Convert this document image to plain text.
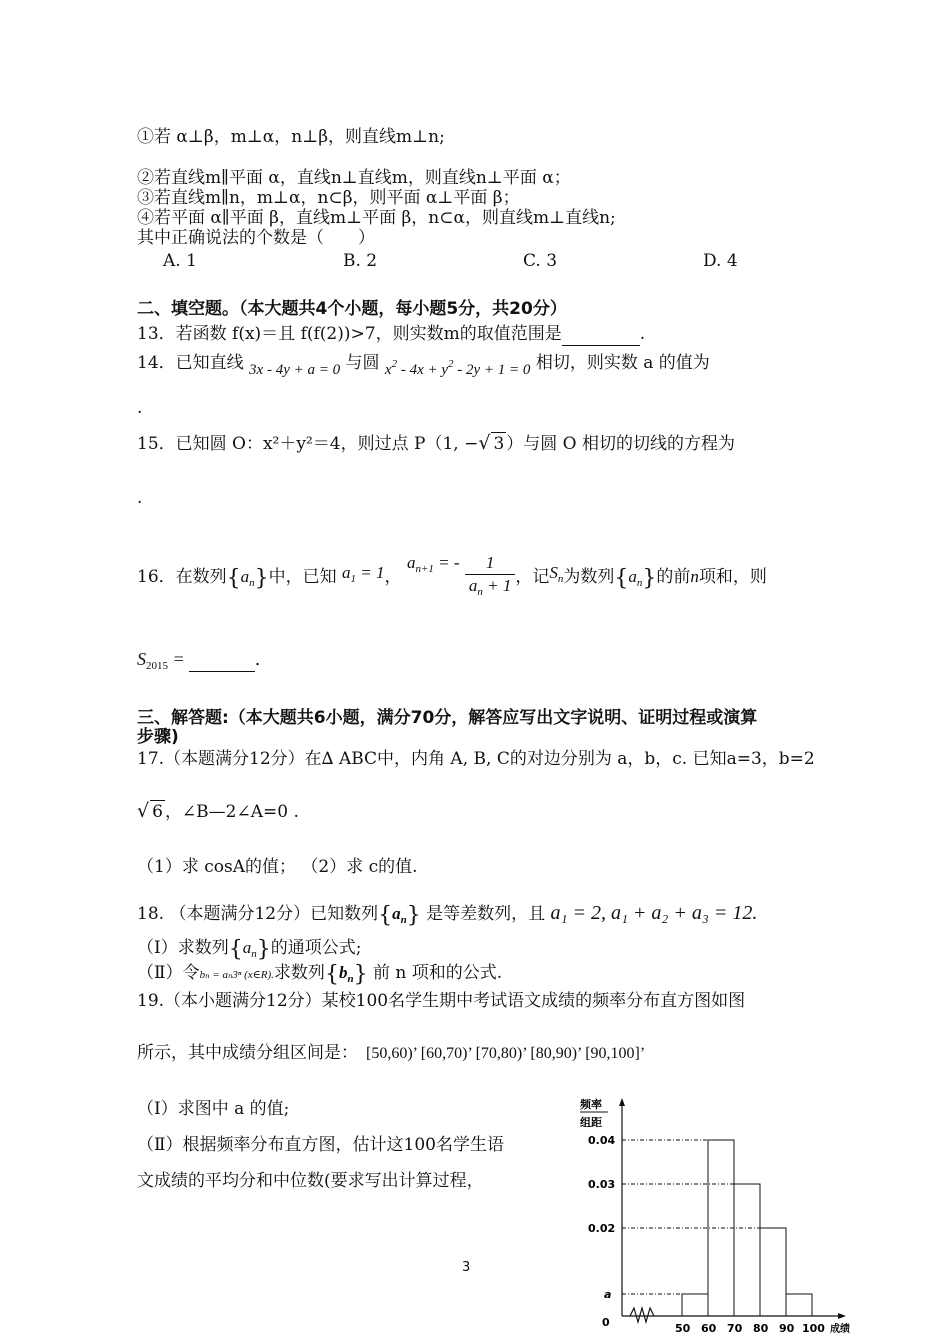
①若 α⊥β，m⊥α，n⊥β，则直线m⊥n;
②若直线m∥平面 α，直线n⊥直线m，则直线n⊥平面 α；
③若直线m∥n，m⊥α，n⊂β，则平面 α⊥平面 β；
④若平面 α∥平面 β，直线m⊥平面 β，n⊂α，则直线m⊥直线n;
其中正确说法的个数是（　　）
A. 1	B. 2	C. 3	D. 4
二、填空题。（本大题共4个小题，每小题5分，共20分）
13．若函数 f(x)＝且 f(f(2))>7，则实数m的取值范围是	.
14．已知直线 3x - 4y + a = 0 与圆 $x^2 - 4x + y^2 - 2y + 1 = 0$ 相切，则实数 a 的值为
.
15．已知圆 O：x²＋y²＝4，则过点 P（1, −√ 3 ）与圆 O 相切的切线的方程为
.
16．在数列$\{a_n\}$中，已知 $a_1 = 1$， $a_{n+1}$ = - $\frac{1}{a_n + 1}$ ，记$S_n$为数列$\{a_n\}$的前n项和，则
$S_{2015}$ =	.
三、解答题:（本大题共6小题，满分70分，解答应写出文字说明、证明过程或演算
步骤)
17.（本题满分12分）在∆ ABC中，内角 A, B, C的对边分别为 a，b，c. 已知a=3，b=2
√ 6 ，∠B—2∠A=0 .
（1）求 cosA的值； （2）求 c的值.
18. （本题满分12分）已知数列$\{a_n\}$ 是等差数列，且 a₁ = 2, a₁ + a₂ + a₃ = 12.
（Ⅰ）求数列$\{a_n\}$的通项公式;
（Ⅱ）令bₙ = aₙ3ⁿ (x∈R).求数列$\{b_n\}$ 前 n 项和的公式.
19.（本小题满分12分）某校100名学生期中考试语文成绩的频率分布直方图如图
所示，其中成绩分组区间是： [50,60)’ [60,70)’ [70,80)’ [80,90)’ [90,100]’
（Ⅰ）求图中 a 的值;
（Ⅱ）根据频率分布直方图，估计这100名学生语
文成绩的平均分和中位数(要求写出计算过程，
频率
组距
0
成绩
a
0.02
0.03
0.04
50 60 70 80 90 100
3
